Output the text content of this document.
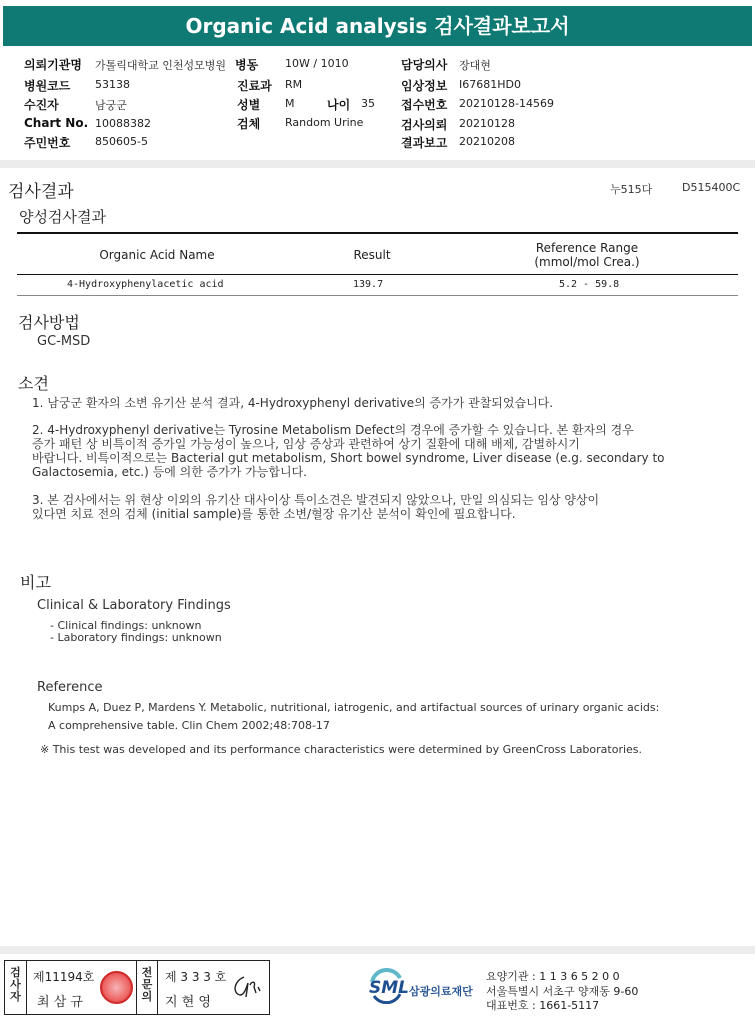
Organic Acid analysis 검사결과보고서
의뢰기관명 가톨릭대학교 인천성모병원
병원코드 53138
수진자	남궁군
Chart No. 10088382
주민번호 850605-5
병동 10W / 1010
진료과 RM
성별 M	나이 35
검체 Random Urine
담당의사 장대현
임상정보 I67681HD0
접수번호 20210128-14569
검사의뢰 20210128
결과보고 20210208
검사결과	누515다	D515400C
양성검사결과
Organic Acid Name	Result	Reference Range
(mmol/mol Crea.)
4-Hydroxyphenylacetic acid	139.7	5.2 - 59.8
검사방법
GC-MSD
소견
1. 남궁군 환자의 소변 유기산 분석 결과, 4-Hydroxyphenyl derivative의 증가가 관찰되었습니다.
2. 4-Hydroxyphenyl derivative는 Tyrosine Metabolism Defect의 경우에 증가할 수 있습니다. 본 환자의 경우
증가 패턴 상 비특이적 증가일 가능성이 높으나, 임상 증상과 관련하여 상기 질환에 대해 배제, 감별하시기
바랍니다. 비특이적으로는 Bacterial gut metabolism, Short bowel syndrome, Liver disease (e.g. secondary to
Galactosemia, etc.) 등에 의한 증가가 가능합니다.
3. 본 검사에서는 위 현상 이외의 유기산 대사이상 특이소견은 발견되지 않았으나, 만일 의심되는 임상 양상이
있다면 치료 전의 검체 (initial sample)를 통한 소변/혈장 유기산 분석이 확인에 필요합니다.
비고
Clinical & Laboratory Findings
- Clinical findings: unknown
- Laboratory findings: unknown
Reference
Kumps A, Duez P, Mardens Y. Metabolic, nutritional, iatrogenic, and artifactual sources of urinary organic acids:
A comprehensive table. Clin Chem 2002;48:708-17
※ This test was developed and its performance characteristics were determined by GreenCross Laboratories.
검사자
제11194호
최 삼 규
전문의
제 3 3 3 호
지 현 영
SML 삼광의료재단
요양기관 : 1 1 3 6 5 2 0 0
서울특별시 서초구 양재동 9-60
대표번호 : 1661-5117
